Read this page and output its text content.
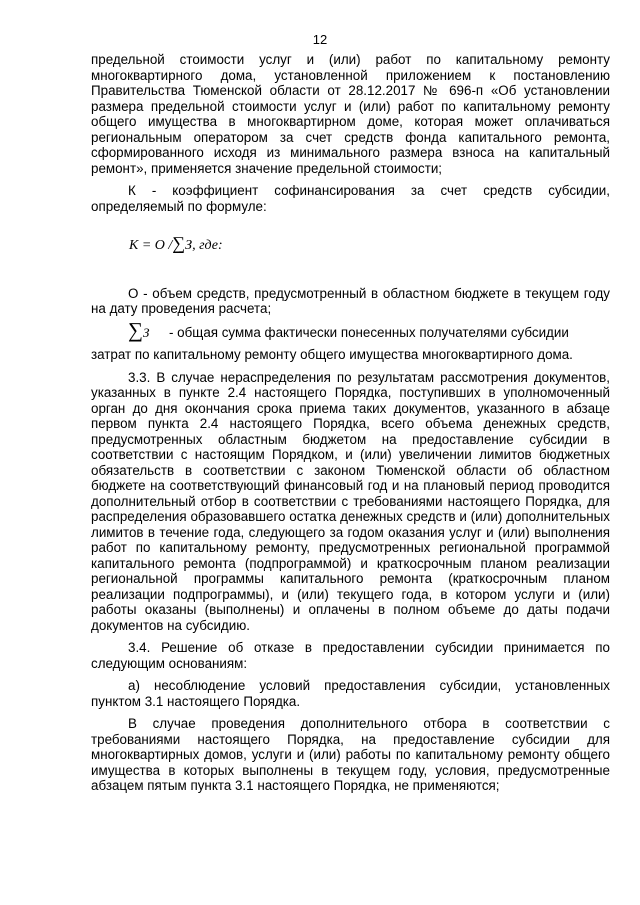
12

предельной стоимости услуг и (или) работ по капитальному ремонту многоквартирного дома, установленной приложением к постановлению Правительства Тюменской области от 28.12.2017 № 696-п «Об установлении размера предельной стоимости услуг и (или) работ по капитальному ремонту общего имущества в многоквартирном доме, которая может оплачиваться региональным оператором за счет средств фонда капитального ремонта, сформированного исходя из минимального размера взноса на капитальный ремонт», применяется значение предельной стоимости;

К - коэффициент софинансирования за счет средств субсидии, определяемый по формуле:

K = O /∑З, где:

О - объем средств, предусмотренный в областном бюджете в текущем году на дату проведения расчета;

∑З - общая сумма фактически понесенных получателями субсидии

затрат по капитальному ремонту общего имущества многоквартирного дома.

3.3. В случае нераспределения по результатам рассмотрения документов, указанных в пункте 2.4 настоящего Порядка, поступивших в уполномоченный орган до дня окончания срока приема таких документов, указанного в абзаце первом пункта 2.4 настоящего Порядка, всего объема денежных средств, предусмотренных областным бюджетом на предоставление субсидии в соответствии с настоящим Порядком, и (или) увеличении лимитов бюджетных обязательств в соответствии с законом Тюменской области об областном бюджете на соответствующий финансовый год и на плановый период проводится дополнительный отбор в соответствии с требованиями настоящего Порядка, для распределения образовавшего остатка денежных средств и (или) дополнительных лимитов в течение года, следующего за годом оказания услуг и (или) выполнения работ по капитальному ремонту, предусмотренных региональной программой капитального ремонта (подпрограммой) и краткосрочным планом реализации региональной программы капитального ремонта (краткосрочным планом реализации подпрограммы), и (или) текущего года, в котором услуги и (или) работы оказаны (выполнены) и оплачены в полном объеме до даты подачи документов на субсидию.

3.4. Решение об отказе в предоставлении субсидии принимается по следующим основаниям:

а) несоблюдение условий предоставления субсидии, установленных пунктом 3.1 настоящего Порядка.

В случае проведения дополнительного отбора в соответствии с требованиями настоящего Порядка, на предоставление субсидии для многоквартирных домов, услуги и (или) работы по капитальному ремонту общего имущества в которых выполнены в текущем году, условия, предусмотренные абзацем пятым пункта 3.1 настоящего Порядка, не применяются;
